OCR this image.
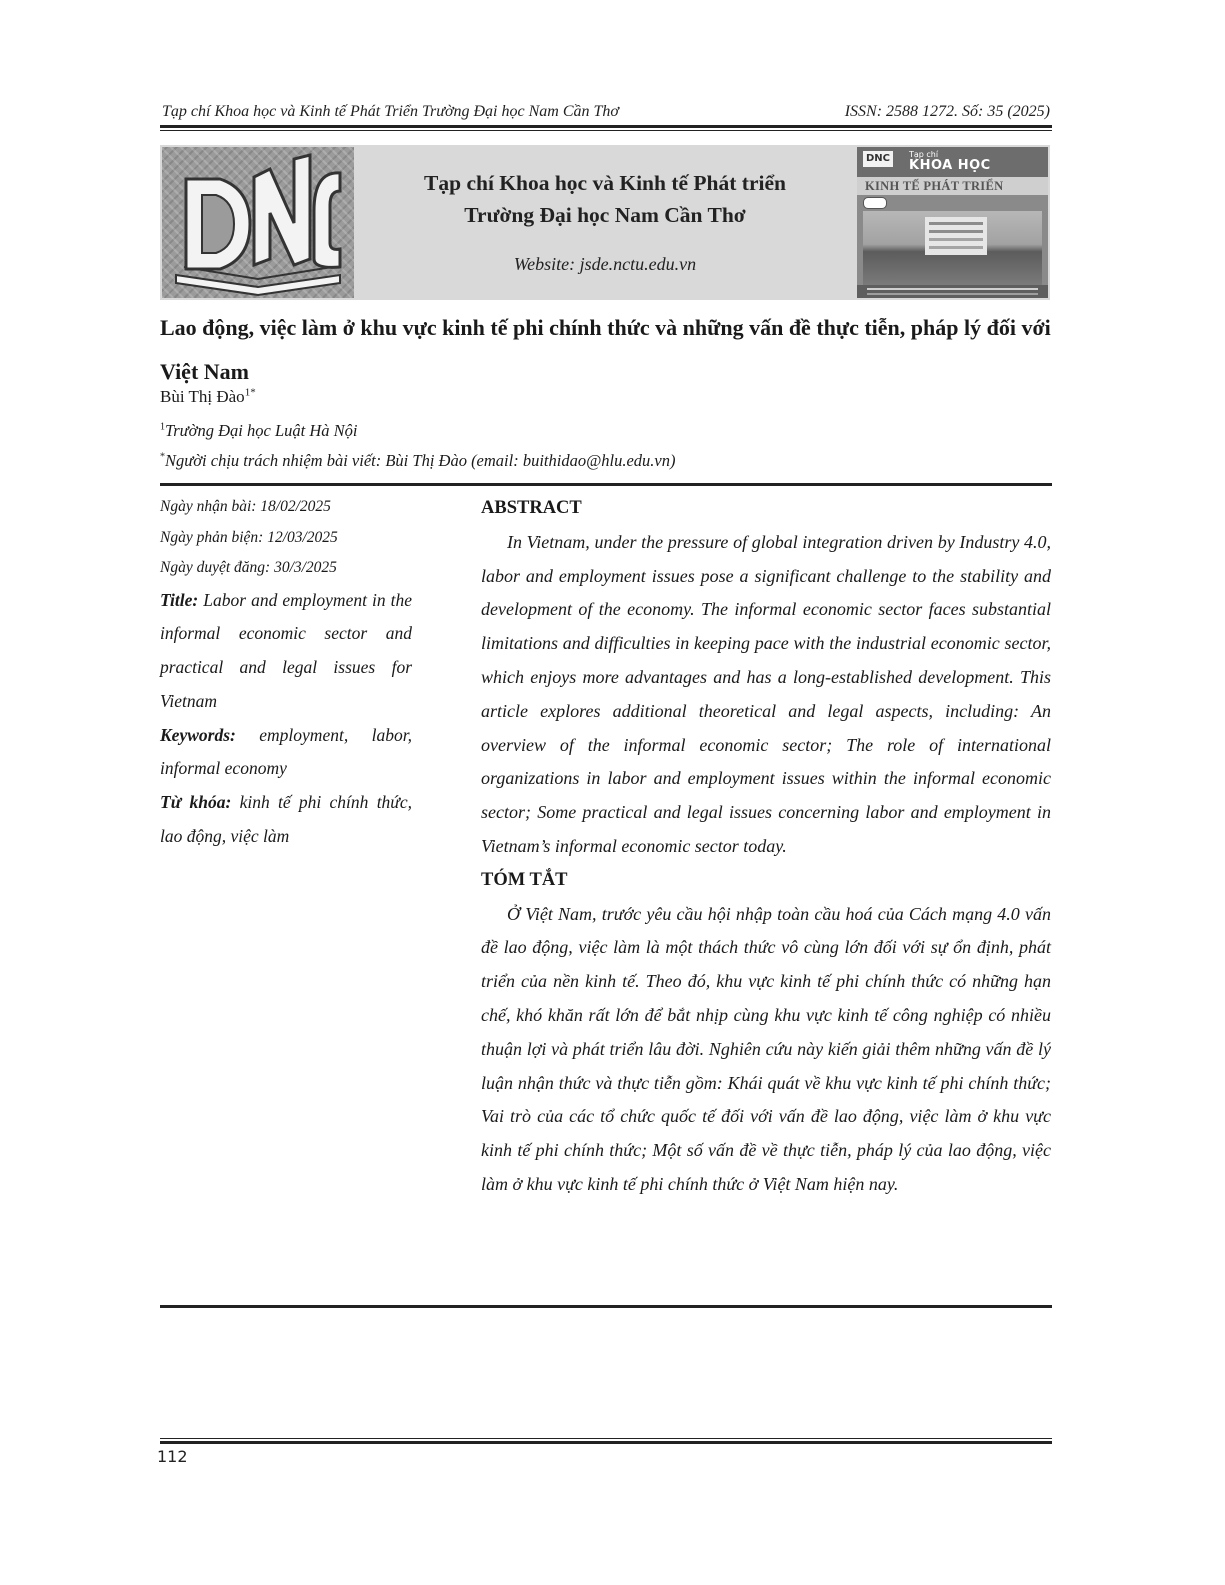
Tạp chí Khoa học và Kinh tế Phát Triển Trường Đại học Nam Cần Thơ	ISSN: 2588 1272. Số: 35 (2025)
Tạp chí Khoa học và Kinh tế Phát triển
Trường Đại học Nam Cần Thơ
Website: jsde.nctu.edu.vn
DNC	Tạp chí
KHOA HỌC
KINH TẾ PHÁT TRIỂN
Lao động, việc làm ở khu vực kinh tế phi chính thức và những vấn đề thực tiễn, pháp lý đối với Việt Nam
Bùi Thị Đào$^{1*}$
$^1$Trường Đại học Luật Hà Nội
*Người chịu trách nhiệm bài viết: Bùi Thị Đào (email: buithidao@hlu.edu.vn)
Ngày nhận bài: 18/02/2025
Ngày phản biện: 12/03/2025
Ngày duyệt đăng: 30/3/2025
Title: Labor and employment in the informal economic sector and practical and legal issues for Vietnam
Keywords: employment, labor, informal economy
Từ khóa: kinh tế phi chính thức, lao động, việc làm
ABSTRACT
In Vietnam, under the pressure of global integration driven by Industry 4.0, labor and employment issues pose a significant challenge to the stability and development of the economy. The informal economic sector faces substantial limitations and difficulties in keeping pace with the industrial economic sector, which enjoys more advantages and has a long-established development. This article explores additional theoretical and legal aspects, including: An overview of the informal economic sector; The role of international organizations in labor and employment issues within the informal economic sector; Some practical and legal issues concerning labor and employment in Vietnam’s informal economic sector today.
TÓM TẮT
Ở Việt Nam, trước yêu cầu hội nhập toàn cầu hoá của Cách mạng 4.0 vấn đề lao động, việc làm là một thách thức vô cùng lớn đối với sự ổn định, phát triển của nền kinh tế. Theo đó, khu vực kinh tế phi chính thức có những hạn chế, khó khăn rất lớn để bắt nhịp cùng khu vực kinh tế công nghiệp có nhiều thuận lợi và phát triển lâu đời. Nghiên cứu này kiến giải thêm những vấn đề lý luận nhận thức và thực tiễn gồm: Khái quát về khu vực kinh tế phi chính thức; Vai trò của các tổ chức quốc tế đối với vấn đề lao động, việc làm ở khu vực kinh tế phi chính thức; Một số vấn đề về thực tiễn, pháp lý của lao động, việc làm ở khu vực kinh tế phi chính thức ở Việt Nam hiện nay.
112
